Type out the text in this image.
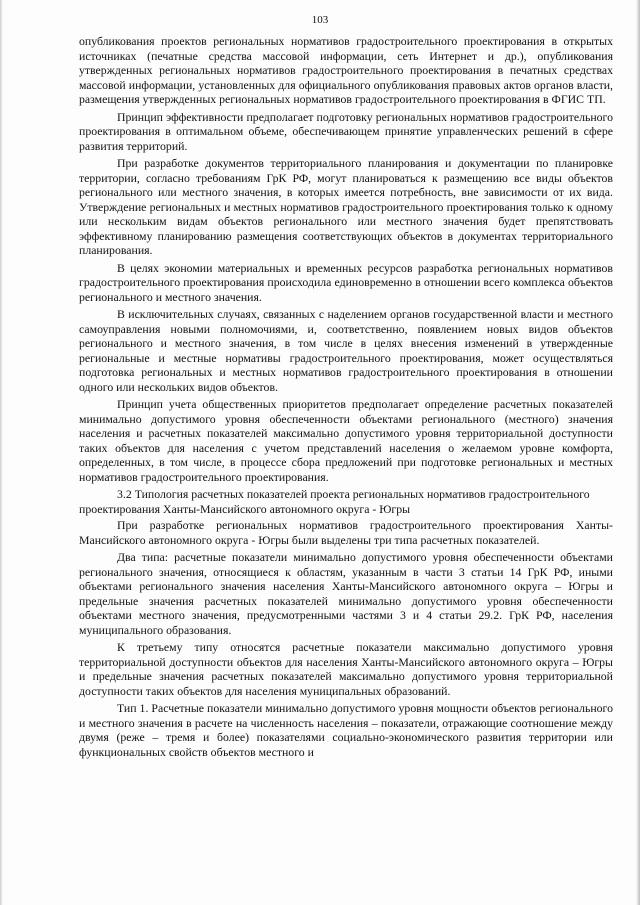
103

опубликования проектов региональных нормативов градостроительного проектирования в открытых источниках (печатные средства массовой информации, сеть Интернет и др.), опубликования утвержденных региональных нормативов градостроительного проектирования в печатных средствах массовой информации, установленных для официального опубликования правовых актов органов власти, размещения утвержденных региональных нормативов градостроительного проектирования в ФГИС ТП.

Принцип эффективности предполагает подготовку региональных нормативов градостроительного проектирования в оптимальном объеме, обеспечивающем принятие управленческих решений в сфере развития территорий.

При разработке документов территориального планирования и документации по планировке территории, согласно требованиям ГрК РФ, могут планироваться к размещению все виды объектов регионального или местного значения, в которых имеется потребность, вне зависимости от их вида. Утверждение региональных и местных нормативов градостроительного проектирования только к одному или нескольким видам объектов регионального или местного значения будет препятствовать эффективному планированию размещения соответствующих объектов в документах территориального планирования.

В целях экономии материальных и временных ресурсов разработка региональных нормативов градостроительного проектирования происходила единовременно в отношении всего комплекса объектов регионального и местного значения.

В исключительных случаях, связанных с наделением органов государственной власти и местного самоуправления новыми полномочиями, и, соответственно, появлением новых видов объектов регионального и местного значения, в том числе в целях внесения изменений в утвержденные региональные и местные нормативы градостроительного проектирования, может осуществляться подготовка региональных и местных нормативов градостроительного проектирования в отношении одного или нескольких видов объектов.

Принцип учета общественных приоритетов предполагает определение расчетных показателей минимально допустимого уровня обеспеченности объектами регионального (местного) значения населения и расчетных показателей максимально допустимого уровня территориальной доступности таких объектов для населения с учетом представлений населения о желаемом уровне комфорта, определенных, в том числе, в процессе сбора предложений при подготовке региональных и местных нормативов градостроительного проектирования.

3.2 Типология расчетных показателей проекта региональных нормативов градостроительного проектирования Ханты-Мансийского автономного округа - Югры

При разработке региональных нормативов градостроительного проектирования Ханты-Мансийского автономного округа - Югры были выделены три типа расчетных показателей.

Два типа: расчетные показатели минимально допустимого уровня обеспеченности объектами регионального значения, относящиеся к областям, указанным в части 3 статьи 14 ГрК РФ, иными объектами регионального значения населения Ханты-Мансийского автономного округа – Югры и предельные значения расчетных показателей минимально допустимого уровня обеспеченности объектами местного значения, предусмотренными частями 3 и 4 статьи 29.2. ГрК РФ, населения муниципального образования.

К третьему типу относятся расчетные показатели максимально допустимого уровня территориальной доступности объектов для населения Ханты-Мансийского автономного округа – Югры и предельные значения расчетных показателей максимально допустимого уровня территориальной доступности таких объектов для населения муниципальных образований.

Тип 1. Расчетные показатели минимально допустимого уровня мощности объектов регионального и местного значения в расчете на численность населения – показатели, отражающие соотношение между двумя (реже – тремя и более) показателями социально-экономического развития территории или функциональных свойств объектов местного и
